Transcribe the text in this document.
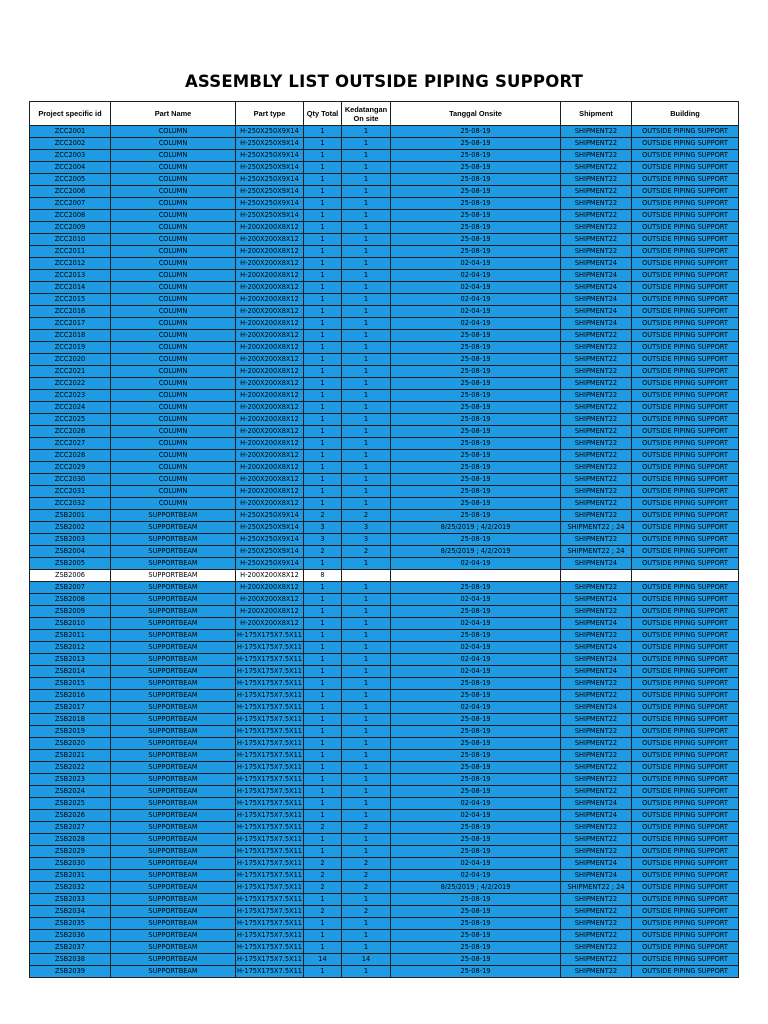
ASSEMBLY LIST OUTSIDE PIPING SUPPORT
Project specific id	Part Name	Part type	Qty Total	Kedatangan On site	Tanggal Onsite	Shipment	Building
ZCC2001	COLUMN	H-250X250X9X14	1	1	25-08-19	SHIPMENT22	OUTSIDE PIPING SUPPORT
ZCC2002	COLUMN	H-250X250X9X14	1	1	25-08-19	SHIPMENT22	OUTSIDE PIPING SUPPORT
ZCC2003	COLUMN	H-250X250X9X14	1	1	25-08-19	SHIPMENT22	OUTSIDE PIPING SUPPORT
ZCC2004	COLUMN	H-250X250X9X14	1	1	25-08-19	SHIPMENT22	OUTSIDE PIPING SUPPORT
ZCC2005	COLUMN	H-250X250X9X14	1	1	25-08-19	SHIPMENT22	OUTSIDE PIPING SUPPORT
ZCC2006	COLUMN	H-250X250X9X14	1	1	25-08-19	SHIPMENT22	OUTSIDE PIPING SUPPORT
ZCC2007	COLUMN	H-250X250X9X14	1	1	25-08-19	SHIPMENT22	OUTSIDE PIPING SUPPORT
ZCC2008	COLUMN	H-250X250X9X14	1	1	25-08-19	SHIPMENT22	OUTSIDE PIPING SUPPORT
ZCC2009	COLUMN	H-200X200X8X12	1	1	25-08-19	SHIPMENT22	OUTSIDE PIPING SUPPORT
ZCC2010	COLUMN	H-200X200X8X12	1	1	25-08-19	SHIPMENT22	OUTSIDE PIPING SUPPORT
ZCC2011	COLUMN	H-200X200X8X12	1	1	25-08-19	SHIPMENT22	OUTSIDE PIPING SUPPORT
ZCC2012	COLUMN	H-200X200X8X12	1	1	02-04-19	SHIPMENT24	OUTSIDE PIPING SUPPORT
ZCC2013	COLUMN	H-200X200X8X12	1	1	02-04-19	SHIPMENT24	OUTSIDE PIPING SUPPORT
ZCC2014	COLUMN	H-200X200X8X12	1	1	02-04-19	SHIPMENT24	OUTSIDE PIPING SUPPORT
ZCC2015	COLUMN	H-200X200X8X12	1	1	02-04-19	SHIPMENT24	OUTSIDE PIPING SUPPORT
ZCC2016	COLUMN	H-200X200X8X12	1	1	02-04-19	SHIPMENT24	OUTSIDE PIPING SUPPORT
ZCC2017	COLUMN	H-200X200X8X12	1	1	02-04-19	SHIPMENT24	OUTSIDE PIPING SUPPORT
ZCC2018	COLUMN	H-200X200X8X12	1	1	25-08-19	SHIPMENT22	OUTSIDE PIPING SUPPORT
ZCC2019	COLUMN	H-200X200X8X12	1	1	25-08-19	SHIPMENT22	OUTSIDE PIPING SUPPORT
ZCC2020	COLUMN	H-200X200X8X12	1	1	25-08-19	SHIPMENT22	OUTSIDE PIPING SUPPORT
ZCC2021	COLUMN	H-200X200X8X12	1	1	25-08-19	SHIPMENT22	OUTSIDE PIPING SUPPORT
ZCC2022	COLUMN	H-200X200X8X12	1	1	25-08-19	SHIPMENT22	OUTSIDE PIPING SUPPORT
ZCC2023	COLUMN	H-200X200X8X12	1	1	25-08-19	SHIPMENT22	OUTSIDE PIPING SUPPORT
ZCC2024	COLUMN	H-200X200X8X12	1	1	25-08-19	SHIPMENT22	OUTSIDE PIPING SUPPORT
ZCC2025	COLUMN	H-200X200X8X12	1	1	25-08-19	SHIPMENT22	OUTSIDE PIPING SUPPORT
ZCC2026	COLUMN	H-200X200X8X12	1	1	25-08-19	SHIPMENT22	OUTSIDE PIPING SUPPORT
ZCC2027	COLUMN	H-200X200X8X12	1	1	25-08-19	SHIPMENT22	OUTSIDE PIPING SUPPORT
ZCC2028	COLUMN	H-200X200X8X12	1	1	25-08-19	SHIPMENT22	OUTSIDE PIPING SUPPORT
ZCC2029	COLUMN	H-200X200X8X12	1	1	25-08-19	SHIPMENT22	OUTSIDE PIPING SUPPORT
ZCC2030	COLUMN	H-200X200X8X12	1	1	25-08-19	SHIPMENT22	OUTSIDE PIPING SUPPORT
ZCC2031	COLUMN	H-200X200X8X12	1	1	25-08-19	SHIPMENT22	OUTSIDE PIPING SUPPORT
ZCC2032	COLUMN	H-200X200X8X12	1	1	25-08-19	SHIPMENT22	OUTSIDE PIPING SUPPORT
ZSB2001	SUPPORTBEAM	H-250X250X9X14	2	2	25-08-19	SHIPMENT22	OUTSIDE PIPING SUPPORT
ZSB2002	SUPPORTBEAM	H-250X250X9X14	3	3	8/25/2019 ; 4/2/2019	SHIPMENT22 ; 24	OUTSIDE PIPING SUPPORT
ZSB2003	SUPPORTBEAM	H-250X250X9X14	3	3	25-08-19	SHIPMENT22	OUTSIDE PIPING SUPPORT
ZSB2004	SUPPORTBEAM	H-250X250X9X14	2	2	8/25/2019 ; 4/2/2019	SHIPMENT22 ; 24	OUTSIDE PIPING SUPPORT
ZSB2005	SUPPORTBEAM	H-250X250X9X14	1	1	02-04-19	SHIPMENT24	OUTSIDE PIPING SUPPORT
ZSB2006	SUPPORTBEAM	H-200X200X8X12	8				
ZSB2007	SUPPORTBEAM	H-200X200X8X12	1	1	25-08-19	SHIPMENT22	OUTSIDE PIPING SUPPORT
ZSB2008	SUPPORTBEAM	H-200X200X8X12	1	1	02-04-19	SHIPMENT24	OUTSIDE PIPING SUPPORT
ZSB2009	SUPPORTBEAM	H-200X200X8X12	1	1	25-08-19	SHIPMENT22	OUTSIDE PIPING SUPPORT
ZSB2010	SUPPORTBEAM	H-200X200X8X12	1	1	02-04-19	SHIPMENT24	OUTSIDE PIPING SUPPORT
ZSB2011	SUPPORTBEAM	H-175X175X7.5X11	1	1	25-08-19	SHIPMENT22	OUTSIDE PIPING SUPPORT
ZSB2012	SUPPORTBEAM	H-175X175X7.5X11	1	1	02-04-19	SHIPMENT24	OUTSIDE PIPING SUPPORT
ZSB2013	SUPPORTBEAM	H-175X175X7.5X11	1	1	02-04-19	SHIPMENT24	OUTSIDE PIPING SUPPORT
ZSB2014	SUPPORTBEAM	H-175X175X7.5X11	1	1	02-04-19	SHIPMENT24	OUTSIDE PIPING SUPPORT
ZSB2015	SUPPORTBEAM	H-175X175X7.5X11	1	1	25-08-19	SHIPMENT22	OUTSIDE PIPING SUPPORT
ZSB2016	SUPPORTBEAM	H-175X175X7.5X11	1	1	25-08-19	SHIPMENT22	OUTSIDE PIPING SUPPORT
ZSB2017	SUPPORTBEAM	H-175X175X7.5X11	1	1	02-04-19	SHIPMENT24	OUTSIDE PIPING SUPPORT
ZSB2018	SUPPORTBEAM	H-175X175X7.5X11	1	1	25-08-19	SHIPMENT22	OUTSIDE PIPING SUPPORT
ZSB2019	SUPPORTBEAM	H-175X175X7.5X11	1	1	25-08-19	SHIPMENT22	OUTSIDE PIPING SUPPORT
ZSB2020	SUPPORTBEAM	H-175X175X7.5X11	1	1	25-08-19	SHIPMENT22	OUTSIDE PIPING SUPPORT
ZSB2021	SUPPORTBEAM	H-175X175X7.5X11	1	1	25-08-19	SHIPMENT22	OUTSIDE PIPING SUPPORT
ZSB2022	SUPPORTBEAM	H-175X175X7.5X11	1	1	25-08-19	SHIPMENT22	OUTSIDE PIPING SUPPORT
ZSB2023	SUPPORTBEAM	H-175X175X7.5X11	1	1	25-08-19	SHIPMENT22	OUTSIDE PIPING SUPPORT
ZSB2024	SUPPORTBEAM	H-175X175X7.5X11	1	1	25-08-19	SHIPMENT22	OUTSIDE PIPING SUPPORT
ZSB2025	SUPPORTBEAM	H-175X175X7.5X11	1	1	02-04-19	SHIPMENT24	OUTSIDE PIPING SUPPORT
ZSB2026	SUPPORTBEAM	H-175X175X7.5X11	1	1	02-04-19	SHIPMENT24	OUTSIDE PIPING SUPPORT
ZSB2027	SUPPORTBEAM	H-175X175X7.5X11	2	2	25-08-19	SHIPMENT22	OUTSIDE PIPING SUPPORT
ZSB2028	SUPPORTBEAM	H-175X175X7.5X11	1	1	25-08-19	SHIPMENT22	OUTSIDE PIPING SUPPORT
ZSB2029	SUPPORTBEAM	H-175X175X7.5X11	1	1	25-08-19	SHIPMENT22	OUTSIDE PIPING SUPPORT
ZSB2030	SUPPORTBEAM	H-175X175X7.5X11	2	2	02-04-19	SHIPMENT24	OUTSIDE PIPING SUPPORT
ZSB2031	SUPPORTBEAM	H-175X175X7.5X11	2	2	02-04-19	SHIPMENT24	OUTSIDE PIPING SUPPORT
ZSB2032	SUPPORTBEAM	H-175X175X7.5X11	2	2	8/25/2019 ; 4/2/2019	SHIPMENT22 ; 24	OUTSIDE PIPING SUPPORT
ZSB2033	SUPPORTBEAM	H-175X175X7.5X11	1	1	25-08-19	SHIPMENT22	OUTSIDE PIPING SUPPORT
ZSB2034	SUPPORTBEAM	H-175X175X7.5X11	2	2	25-08-19	SHIPMENT22	OUTSIDE PIPING SUPPORT
ZSB2035	SUPPORTBEAM	H-175X175X7.5X11	1	1	25-08-19	SHIPMENT22	OUTSIDE PIPING SUPPORT
ZSB2036	SUPPORTBEAM	H-175X175X7.5X11	1	1	25-08-19	SHIPMENT22	OUTSIDE PIPING SUPPORT
ZSB2037	SUPPORTBEAM	H-175X175X7.5X11	1	1	25-08-19	SHIPMENT22	OUTSIDE PIPING SUPPORT
ZSB2038	SUPPORTBEAM	H-175X175X7.5X11	14	14	25-08-19	SHIPMENT22	OUTSIDE PIPING SUPPORT
ZSB2039	SUPPORTBEAM	H-175X175X7.5X11	1	1	25-08-19	SHIPMENT22	OUTSIDE PIPING SUPPORT
